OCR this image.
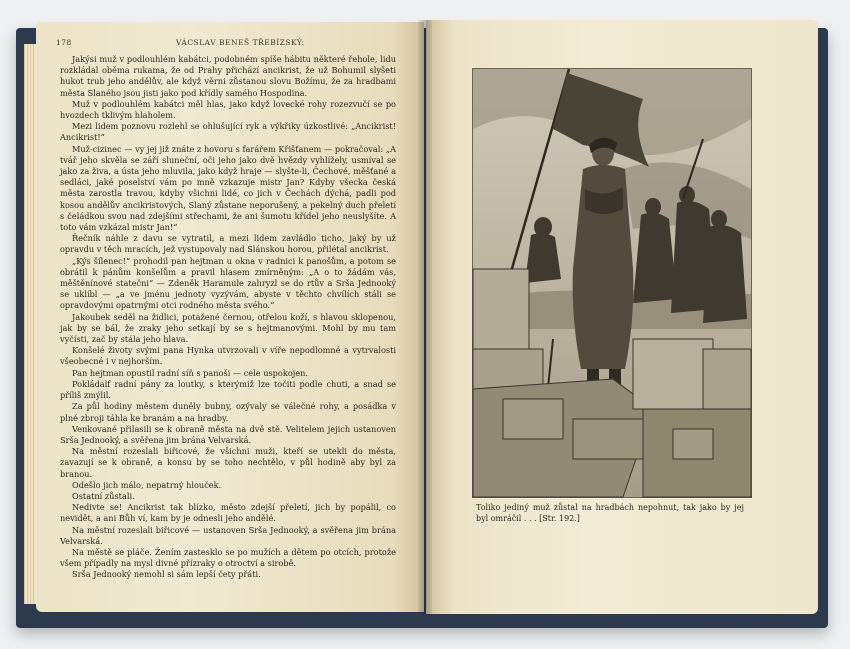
178	VÁCSLAV BENEŠ TŘEBÍZSKÝ:

Jakýsi muž v podlouhlém kabátci, podobném spíše hábitu některé řeholе, lidu rozkládal oběma rukama, že od Prahy přichází ancikrist, že už Bohumil slyšeti hukot trub jeho andělův, ale když věrni zůstanou slovu Božímu, že za hradbami města Slaného jsou jisti jako pod křídly samého Hospodina.

Muž v podlouhlém kabátci měl hlas, jako když lovecké rohy rozezvučí se po hvozdech tklivým hlaholem.

Mezi lidem poznovu rozlehl se ohlušující ryk a výkřiky úzkostlivé: „Ancikrist! Ancikrist!“

Muž-cizinec — vy jej již znáte z hovoru s farářem Křišťanem — pokračoval: „A tvář jeho skvěla se září sluneční, oči jeho jako dvě hvězdy vyhlížely, usmíval se jako za živa, a ústa jeho mluvila, jako když hraje — slyšte-li, Čechové, měšťané a sedláci, jaké poselství vám po mně vzkazuje mistr Jan? Kdyby všecka česká města zarostla travou, kdyby všichni lidé, co jich v Čechách dýchá, padli pod kosou andělův ancikristových, Slaný zůstane neporušený, a pekelný duch přeletí s čeládkou svou nad zdejšími střechami, že ani šumotu křídel jeho neuslyšíte. A toto vám vzkázal mistr Jan!“

Řečník náhle z davu se vytratil, a mezi lidem zavládlo ticho, jaký by už opravdu v těch mracích, jež vystupovaly nad Slánskou horou, přilétal ancikrist.

„Kýs šílenec!“ prohodil pan hejtman u okna v radnici k panošům, a potom se obrátil k pánům konšelům a pravil hlasem zmírněným: „A o to žádám vás, měštěnínové statečni“ — Zdeněk Haramule zahryzl se do rtův a Srša Jednooký se uklíbl — „a ve jménu jednoty vyzývám, abyste v těchto chvílích stáli se opravdovými opatrnými otci rodného města svého.“

Jakoubek seděl na židlici, potažené černou, otřelou koží, s hlavou sklopenou, jak by se bál, že zraky jeho setkají by se s hejtmanovými. Mohl by mu tam vyčísti, zač by stála jeho hlava.

Konšelé životy svými pana Hynka utvrzovali v víře nepodlomné a vytrvalosti všeobecné i v nejhorším.

Pan hejtman opustil radní síň s panoši — cele uspokojen.

Pokládalf radní pány za loutky, s kterýmiž lze točiti podle chuti, a snad se příliš zmýlil.

Za půl hodiny městem duněly bubny, ozývaly se válečné rohy, a posádka v plné zbroji táhla ke branám a na hradby.

Venkované přilasili se k obraně města na dvě stě. Velitelem jejich ustanoven Srša Jednooký, a svěřena jim brána Velvarská.

Na městní rozeslali biřicové, že všichni muži, kteří se utekli do města, zavazují se k obraně, a konsu by se toho nechtělo, v půl hodině aby byl za branou.

Odešlo jich málo, nepatrný hlouček.

Ostatní zůstali.

Nedivte se! Ancikrist tak blízko, město zdejší přeletí, jich by popálil, co nevidět, a ani Bůh ví, kam by je odnesli jeho andělé.

Na městní rozeslali biřicové — ustanoven Srša Jednooký, a svěřena jim brána Velvarská.

Na městě se pláče. Žením zastesklo se po mužích a dětem po otcích, protože všem případly na mysl divné přízraky o otroctví a sirobě.

Srša Jednooký nemohl si sám lepší čety přáti.

Toliko jediný muž zůstal na hradbách nepohnut, tak jako by jej byl omráčil . . . [Str. 192.]
